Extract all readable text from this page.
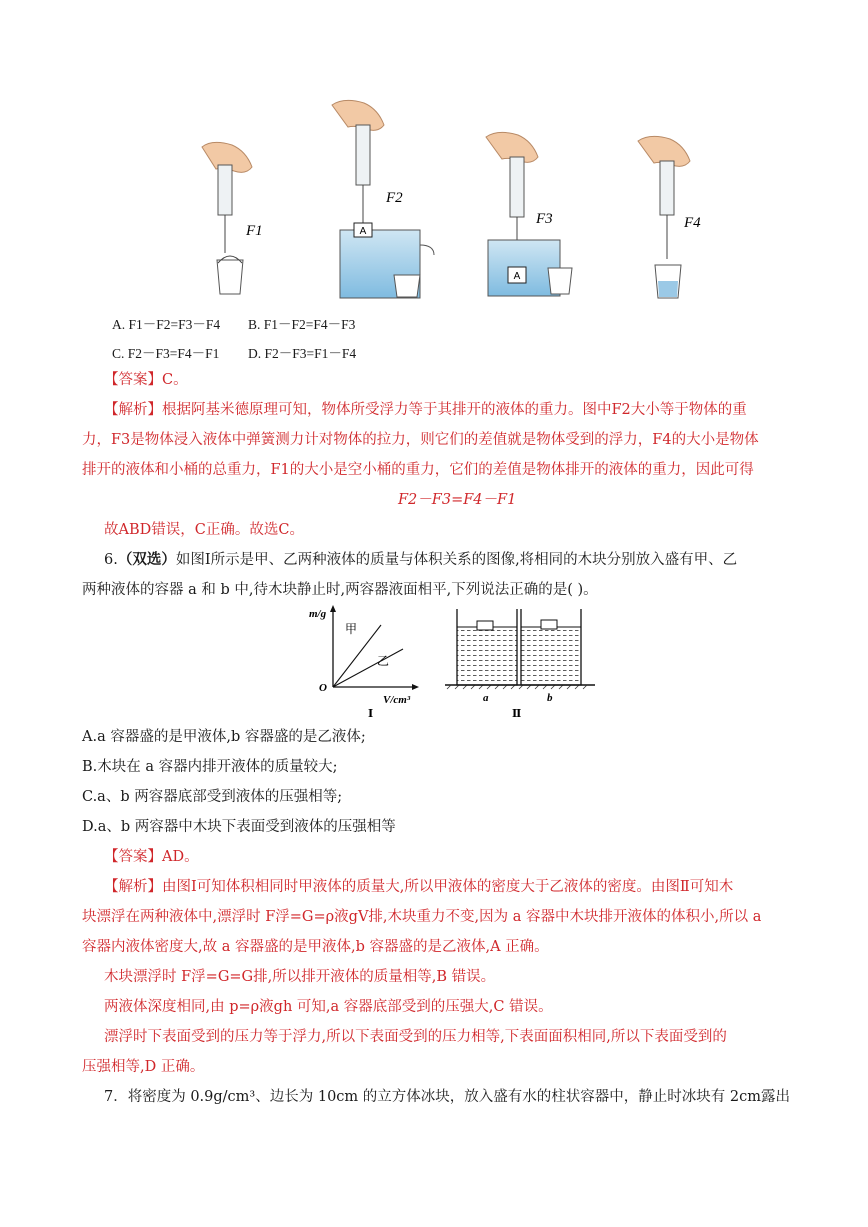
F1	A
F2
A
F3	F4
A. F1－F2=F3－F4 B. F1－F2=F4－F3
C. F2－F3=F4－F1 D. F2－F3=F1－F4
【答案】C。
【解析】根据阿基米德原理可知，物体所受浮力等于其排开的液体的重力。图中F2大小等于物体的重
力，F3是物体浸入液体中弹簧测力计对物体的拉力，则它们的差值就是物体受到的浮力，F4的大小是物体
排开的液体和小桶的总重力，F1的大小是空小桶的重力，它们的差值是物体排开的液体的重力，因此可得
F2－F3=F4－F1
故ABD错误，C正确。故选C。
6.（双选）如图Ⅰ所示是甲、乙两种液体的质量与体积关系的图像,将相同的木块分别放入盛有甲、乙
两种液体的容器 a 和 b 中,待木块静止时,两容器液面相平,下列说法正确的是( )。
m/g
V/cm³
O
甲
乙
Ⅰ
a	b
Ⅱ
A.a 容器盛的是甲液体,b 容器盛的是乙液体;
B.木块在 a 容器内排开液体的质量较大;
C.a、b 两容器底部受到液体的压强相等;
D.a、b 两容器中木块下表面受到液体的压强相等
【答案】AD。
【解析】由图Ⅰ可知体积相同时甲液体的质量大,所以甲液体的密度大于乙液体的密度。由图Ⅱ可知木
块漂浮在两种液体中,漂浮时 F浮=G=ρ液gV排,木块重力不变,因为 a 容器中木块排开液体的体积小,所以 a
容器内液体密度大,故 a 容器盛的是甲液体,b 容器盛的是乙液体,A 正确。
木块漂浮时 F浮=G=G排,所以排开液体的质量相等,B 错误。
两液体深度相同,由 p=ρ液gh 可知,a 容器底部受到的压强大,C 错误。
漂浮时下表面受到的压力等于浮力,所以下表面受到的压力相等,下表面面积相同,所以下表面受到的
压强相等,D 正确。
7．将密度为 0.9g/cm³、边长为 10cm 的立方体冰块，放入盛有水的柱状容器中，静止时冰块有 2cm露出
